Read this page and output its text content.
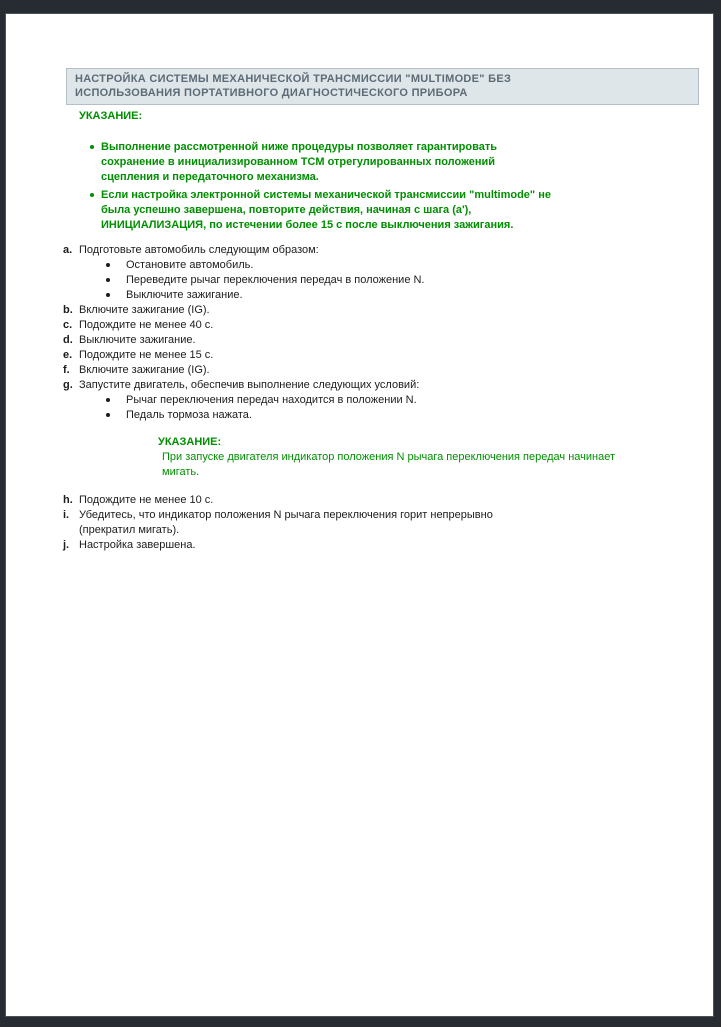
НАСТРОЙКА СИСТЕМЫ МЕХАНИЧЕСКОЙ ТРАНСМИССИИ "MULTIMODE" БЕЗ
ИСПОЛЬЗОВАНИЯ ПОРТАТИВНОГО ДИАГНОСТИЧЕСКОГО ПРИБОРА
УКАЗАНИЕ:
Выполнение рассмотренной ниже процедуры позволяет гарантировать
сохранение в инициализированном TCM отрегулированных положений
сцепления и передаточного механизма.
Если настройка электронной системы механической трансмиссии "multimode" не
была успешно завершена, повторите действия, начиная с шага (a'),
ИНИЦИАЛИЗАЦИЯ, по истечении более 15 с после выключения зажигания.
a. Подготовьте автомобиль следующим образом:
Остановите автомобиль.
Переведите рычаг переключения передач в положение N.
Выключите зажигание.
b. Включите зажигание (IG).
c. Подождите не менее 40 с.
d. Выключите зажигание.
e. Подождите не менее 15 с.
f. Включите зажигание (IG).
g. Запустите двигатель, обеспечив выполнение следующих условий:
Рычаг переключения передач находится в положении N.
Педаль тормоза нажата.
УКАЗАНИЕ:
При запуске двигателя индикатор положения N рычага переключения передач начинает
мигать.
h. Подождите не менее 10 с.
i. Убедитесь, что индикатор положения N рычага переключения горит непрерывно
(прекратил мигать).
j. Настройка завершена.
